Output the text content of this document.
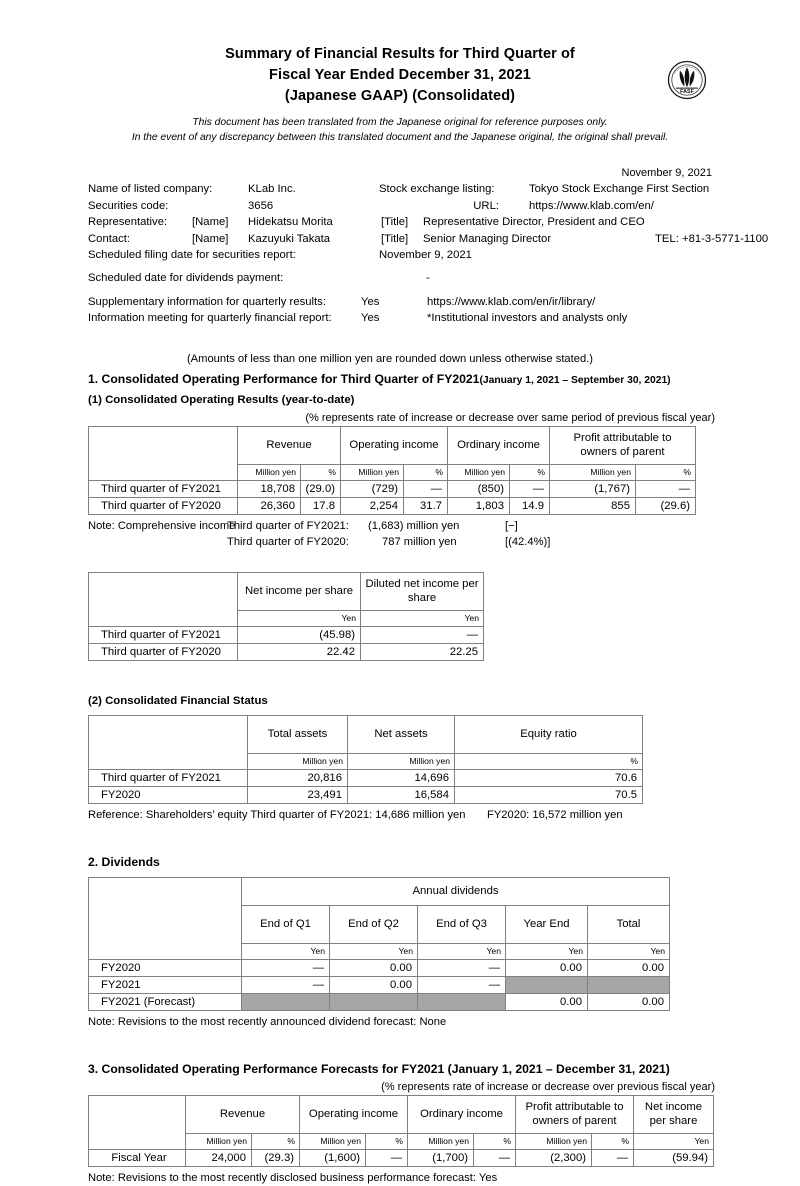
FASF
Summary of Financial Results for Third Quarter of
Fiscal Year Ended December 31, 2021
(Japanese GAAP) (Consolidated)
This document has been translated from the Japanese original for reference purposes only.
In the event of any discrepancy between this translated document and the Japanese original, the original shall prevail.
November 9, 2021
Name of listed company:	KLab Inc.	Stock exchange listing:	Tokyo Stock Exchange First Section
Securities code:	3656	URL:	https://www.klab.com/en/
Representative:	[Name]	Hidekatsu Morita	[Title]	Representative Director, President and CEO
Contact:	[Name]	Kazuyuki Takata	[Title]	Senior Managing Director	TEL: +81-3-5771-1100
Scheduled filing date for securities report:	November 9, 2021
Scheduled date for dividends payment:	-
Supplementary information for quarterly results:	Yes	https://www.klab.com/en/ir/library/
Information meeting for quarterly financial report:	Yes	*Institutional investors and analysts only
(Amounts of less than one million yen are rounded down unless otherwise stated.)
1. Consolidated Operating Performance for Third Quarter of FY2021(January 1, 2021 – September 30, 2021)
(1) Consolidated Operating Results (year-to-date)
(% represents rate of increase or decrease over same period of previous fiscal year)
	Revenue		Operating income		Ordinary income		Profit attributable to owners of parent	
	Million yen	%	Million yen	%	Million yen	%	Million yen	%
Third quarter of FY2021	18,708	(29.0)	(729)	—	(850)	—	(1,767)	—
Third quarter of FY2020	26,360	17.8	2,254	31.7	1,803	14.9	855	(29.6)
Note: Comprehensive income
Third quarter of FY2021:	(1,683) million yen	[−]
Third quarter of FY2020:	787 million yen	[(42.4%)]
	Net income per share	Diluted net income per share
	Yen	Yen
Third quarter of FY2021	(45.98)	—
Third quarter of FY2020	22.42	22.25
(2) Consolidated Financial Status
	Total assets	Net assets	Equity ratio
	Million yen	Million yen	%
Third quarter of FY2021	20,816	14,696	70.6
FY2020	23,491	16,584	70.5
Reference: Shareholders’ equity Third quarter of FY2021: 14,686 million yen	FY2020: 16,572 million yen
2. Dividends
	Annual dividends				
	End of Q1	End of Q2	End of Q3	Year End	Total
	Yen	Yen	Yen	Yen	Yen
FY2020	—	0.00	—	0.00	0.00
FY2021	—	0.00	—		
FY2021 (Forecast)				0.00	0.00
Note: Revisions to the most recently announced dividend forecast: None
3. Consolidated Operating Performance Forecasts for FY2021 (January 1, 2021 – December 31, 2021)
(% represents rate of increase or decrease over previous fiscal year)
	Revenue		Operating income		Ordinary income		Profit attributable to owners of parent		Net income per share
	Million yen	%	Million yen	%	Million yen	%	Million yen	%	Yen
Fiscal Year	24,000	(29.3)	(1,600)	—	(1,700)	—	(2,300)	—	(59.94)
Note: Revisions to the most recently disclosed business performance forecast: Yes
